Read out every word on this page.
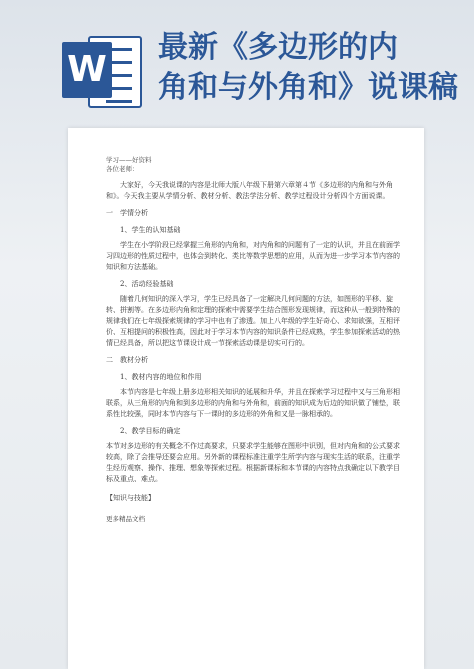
W
最新《多边形的内
角和与外角和》说课稿

学习——好资料

各位老师：

大家好，今天我说课的内容是北师大版八年级下册第六章第４节《多边形的内角和与外角和》。今天我主要从学情分析、教材分析、教法学法分析、教学过程设计分析四个方面说课。

一　学情分析

1、学生的认知基础

学生在小学阶段已经掌握三角形的内角和，对内角和的问题有了一定的认识，并且在前面学习四边形的性质过程中，也体会到转化、类比等数学思想的应用，从而为进一步学习本节内容的知识和方法基础。

2、活动经验基础

随着几何知识的深入学习，学生已经具备了一定解决几何问题的方法，如图形的平移、旋转、拼割等。在多边形内角和定理的探索中需要学生结合图形发现规律，而这种从一般到特殊的规律我们在七年级探索规律的学习中也有了渗透。加上八年级的学生好奇心、求知欲强，互相评价、互相提问的积极性高，因此对于学习本节内容的知识条件已经成熟，学生参加探索活动的热情已经具备，所以把这节课设计成一节探索活动课是切实可行的。

二　教材分析

1、教材内容的地位和作用

本节内容是七年级上册多边形相关知识的延展和升华，并且在探索学习过程中又与三角形相联系，从三角形的内角和到多边形的内角和与外角和，前面的知识成为后边的知识做了铺垫，联系性比较强，同时本节内容与下一课时的多边形的外角和又是一脉相承的。

2、教学目标的确定

本节对多边形的有关概念不作过高要求，只要求学生能够在图形中识别，但对内角和的公式要求较高，除了会推导还要会应用。另外新的课程标准注重学生所学内容与现实生活的联系，注重学生经历观察、操作、推理、想象等探索过程。根据新课标和本节课的内容特点我确定以下教学目标及重点、难点。

【知识与技能】

更多精品文档
